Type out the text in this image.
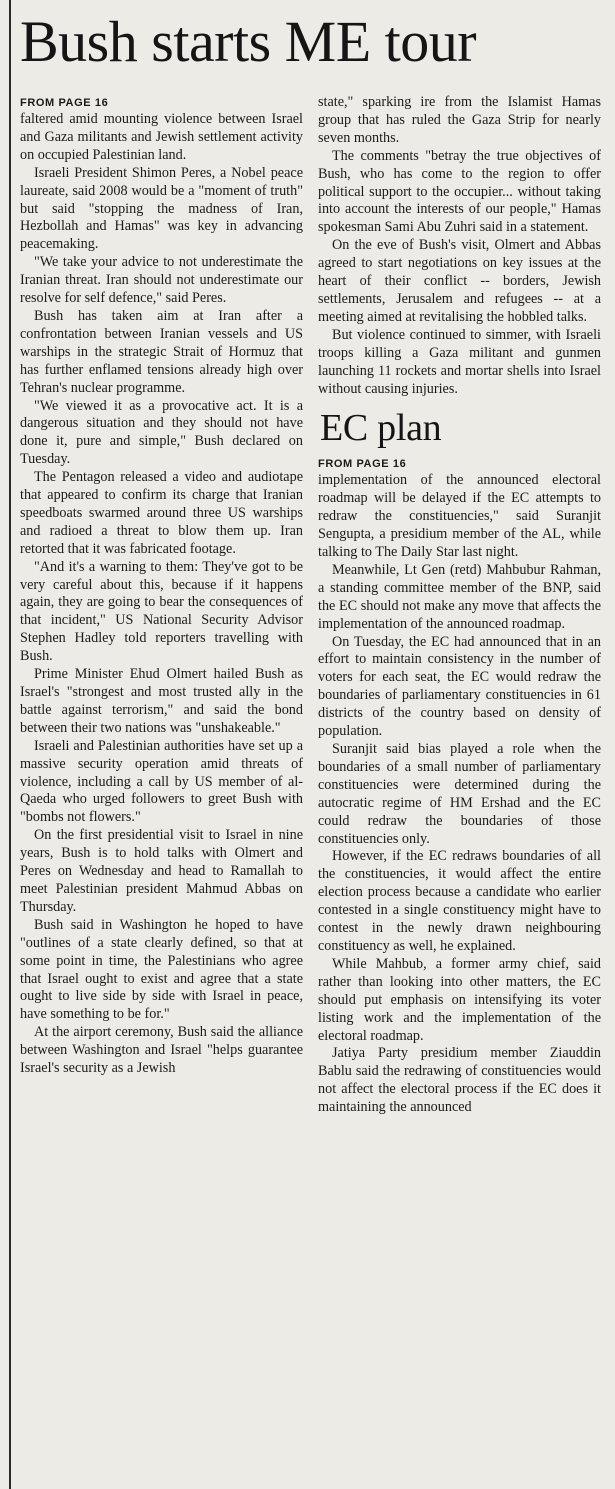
Bush starts ME tour
FROM PAGE 16

faltered amid mounting violence between Israel and Gaza militants and Jewish settlement activity on occupied Palestinian land.

Israeli President Shimon Peres, a Nobel peace laureate, said 2008 would be a "moment of truth" but said "stopping the madness of Iran, Hezbollah and Hamas" was key in advancing peacemaking.

"We take your advice to not underestimate the Iranian threat. Iran should not underestimate our resolve for self defence," said Peres.

Bush has taken aim at Iran after a confrontation between Iranian vessels and US warships in the strategic Strait of Hormuz that has further enflamed tensions already high over Tehran's nuclear programme.

"We viewed it as a provocative act. It is a dangerous situation and they should not have done it, pure and simple," Bush declared on Tuesday.

The Pentagon released a video and audiotape that appeared to confirm its charge that Iranian speedboats swarmed around three US warships and radioed a threat to blow them up. Iran retorted that it was fabricated footage.

"And it's a warning to them: They've got to be very careful about this, because if it happens again, they are going to bear the consequences of that incident," US National Security Advisor Stephen Hadley told reporters travelling with Bush.

Prime Minister Ehud Olmert hailed Bush as Israel's "strongest and most trusted ally in the battle against terrorism," and said the bond between their two nations was "unshakeable."

Israeli and Palestinian authorities have set up a massive security operation amid threats of violence, including a call by US member of al-Qaeda who urged followers to greet Bush with "bombs not flowers."

On the first presidential visit to Israel in nine years, Bush is to hold talks with Olmert and Peres on Wednesday and head to Ramallah to meet Palestinian president Mahmud Abbas on Thursday.

Bush said in Washington he hoped to have "outlines of a state clearly defined, so that at some point in time, the Palestinians who agree that Israel ought to exist and agree that a state ought to live side by side with Israel in peace, have something to be for."

At the airport ceremony, Bush said the alliance between Washington and Israel "helps guarantee Israel's security as a Jewish

state," sparking ire from the Islamist Hamas group that has ruled the Gaza Strip for nearly seven months.

The comments "betray the true objectives of Bush, who has come to the region to offer political support to the occupier... without taking into account the interests of our people," Hamas spokesman Sami Abu Zuhri said in a statement.

On the eve of Bush's visit, Olmert and Abbas agreed to start negotiations on key issues at the heart of their conflict -- borders, Jewish settlements, Jerusalem and refugees -- at a meeting aimed at revitalising the hobbled talks.

But violence continued to simmer, with Israeli troops killing a Gaza militant and gunmen launching 11 rockets and mortar shells into Israel without causing injuries.

EC plan
FROM PAGE 16

implementation of the announced electoral roadmap will be delayed if the EC attempts to redraw the constituencies," said Suranjit Sengupta, a presidium member of the AL, while talking to The Daily Star last night.

Meanwhile, Lt Gen (retd) Mahbubur Rahman, a standing committee member of the BNP, said the EC should not make any move that affects the implementation of the announced roadmap.

On Tuesday, the EC had announced that in an effort to maintain consistency in the number of voters for each seat, the EC would redraw the boundaries of parliamentary constituencies in 61 districts of the country based on density of population.

Suranjit said bias played a role when the boundaries of a small number of parliamentary constituencies were determined during the autocratic regime of HM Ershad and the EC could redraw the boundaries of those constituencies only.

However, if the EC redraws boundaries of all the constituencies, it would affect the entire election process because a candidate who earlier contested in a single constituency might have to contest in the newly drawn neighbouring constituency as well, he explained.

While Mahbub, a former army chief, said rather than looking into other matters, the EC should put emphasis on intensifying its voter listing work and the implementation of the electoral roadmap.

Jatiya Party presidium member Ziauddin Bablu said the redrawing of constituencies would not affect the electoral process if the EC does it maintaining the announced
